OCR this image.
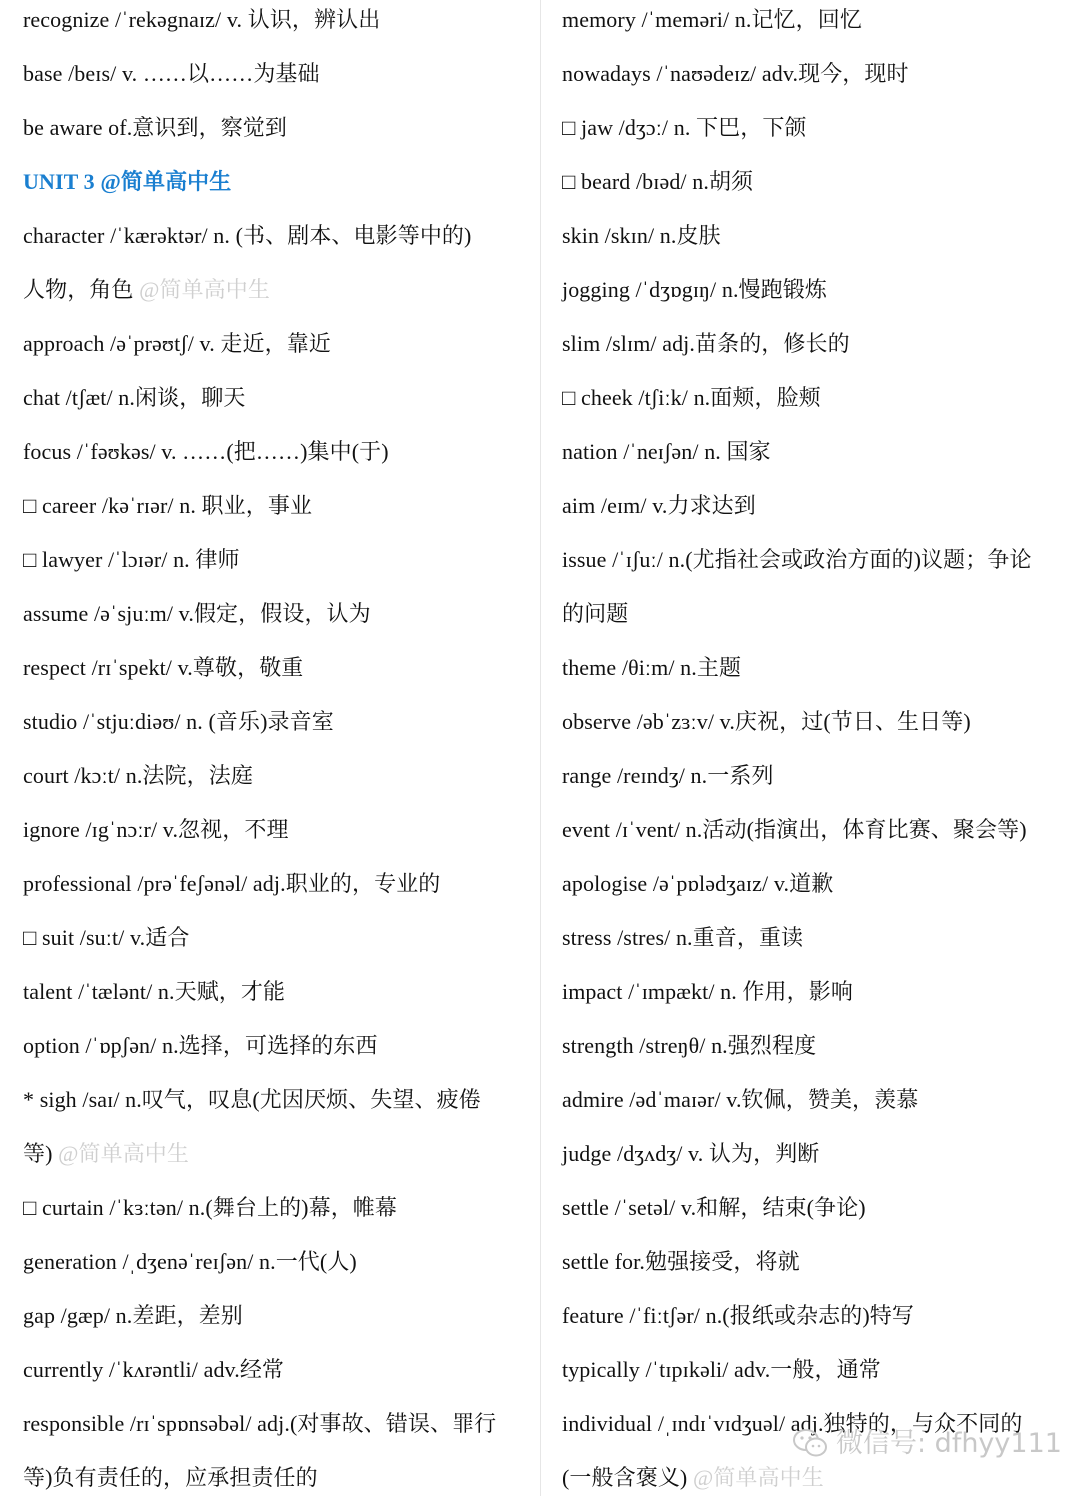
recognize /ˈrekəgnaɪz/ v. 认识，辨认出
base /beɪs/ v. ……以……为基础
be aware of.意识到，察觉到
UNIT 3 @简单高中生
character /ˈkærəktər/ n. (书、剧本、电影等中的)
人物，角色 @简单高中生
approach /əˈprəʊtʃ/ v. 走近，靠近
chat /tʃæt/ n.闲谈，聊天
focus /ˈfəʊkəs/ v. ……(把……)集中(于)
□ career /kəˈrɪər/ n. 职业，事业
□ lawyer /ˈlɔɪər/ n. 律师
assume /əˈsjuːm/ v.假定，假设，认为
respect /rɪˈspekt/ v.尊敬，敬重
studio /ˈstjuːdiəʊ/ n. (音乐)录音室
court /kɔːt/ n.法院，法庭
ignore /ɪgˈnɔːr/ v.忽视，不理
professional /prəˈfeʃənəl/ adj.职业的，专业的
□ suit /suːt/ v.适合
talent /ˈtælənt/ n.天赋，才能
option /ˈɒpʃən/ n.选择，可选择的东西
* sigh /saɪ/ n.叹气，叹息(尤因厌烦、失望、疲倦
等) @简单高中生
□ curtain /ˈkɜːtən/ n.(舞台上的)幕，帷幕
generation /ˌdʒenəˈreɪʃən/ n.一代(人)
gap /gæp/ n.差距，差别
currently /ˈkʌrəntli/ adv.经常
responsible /rɪˈspɒnsəbəl/ adj.(对事故、错误、罪行
等)负有责任的，应承担责任的
memory /ˈmeməri/ n.记忆，回忆
nowadays /ˈnaʊədeɪz/ adv.现今，现时
□ jaw /dʒɔː/ n. 下巴，下颌
□ beard /bɪəd/ n.胡须
skin /skɪn/ n.皮肤
jogging /ˈdʒɒgɪŋ/ n.慢跑锻炼
slim /slɪm/ adj.苗条的，修长的
□ cheek /tʃiːk/ n.面颊，脸颊
nation /ˈneɪʃən/ n. 国家
aim /eɪm/ v.力求达到
issue /ˈɪʃuː/ n.(尤指社会或政治方面的)议题；争论
的问题
theme /θiːm/ n.主题
observe /əbˈzɜːv/ v.庆祝，过(节日、生日等)
range /reɪndʒ/ n.一系列
event /ɪˈvent/ n.活动(指演出，体育比赛、聚会等)
apologise /əˈpɒlədʒaɪz/ v.道歉
stress /stres/ n.重音，重读
impact /ˈɪmpækt/ n. 作用，影响
strength /streŋθ/ n.强烈程度
admire /ədˈmaɪər/ v.钦佩，赞美，羡慕
judge /dʒʌdʒ/ v. 认为，判断
settle /ˈsetəl/ v.和解，结束(争论)
settle for.勉强接受，将就
feature /ˈfiːtʃər/ n.(报纸或杂志的)特写
typically /ˈtɪpɪkəli/ adv.一般，通常
individual /ˌɪndɪˈvɪdʒuəl/ adj.独特的，与众不同的
(一般含褒义) @简单高中生
微信号: dfhyy111
